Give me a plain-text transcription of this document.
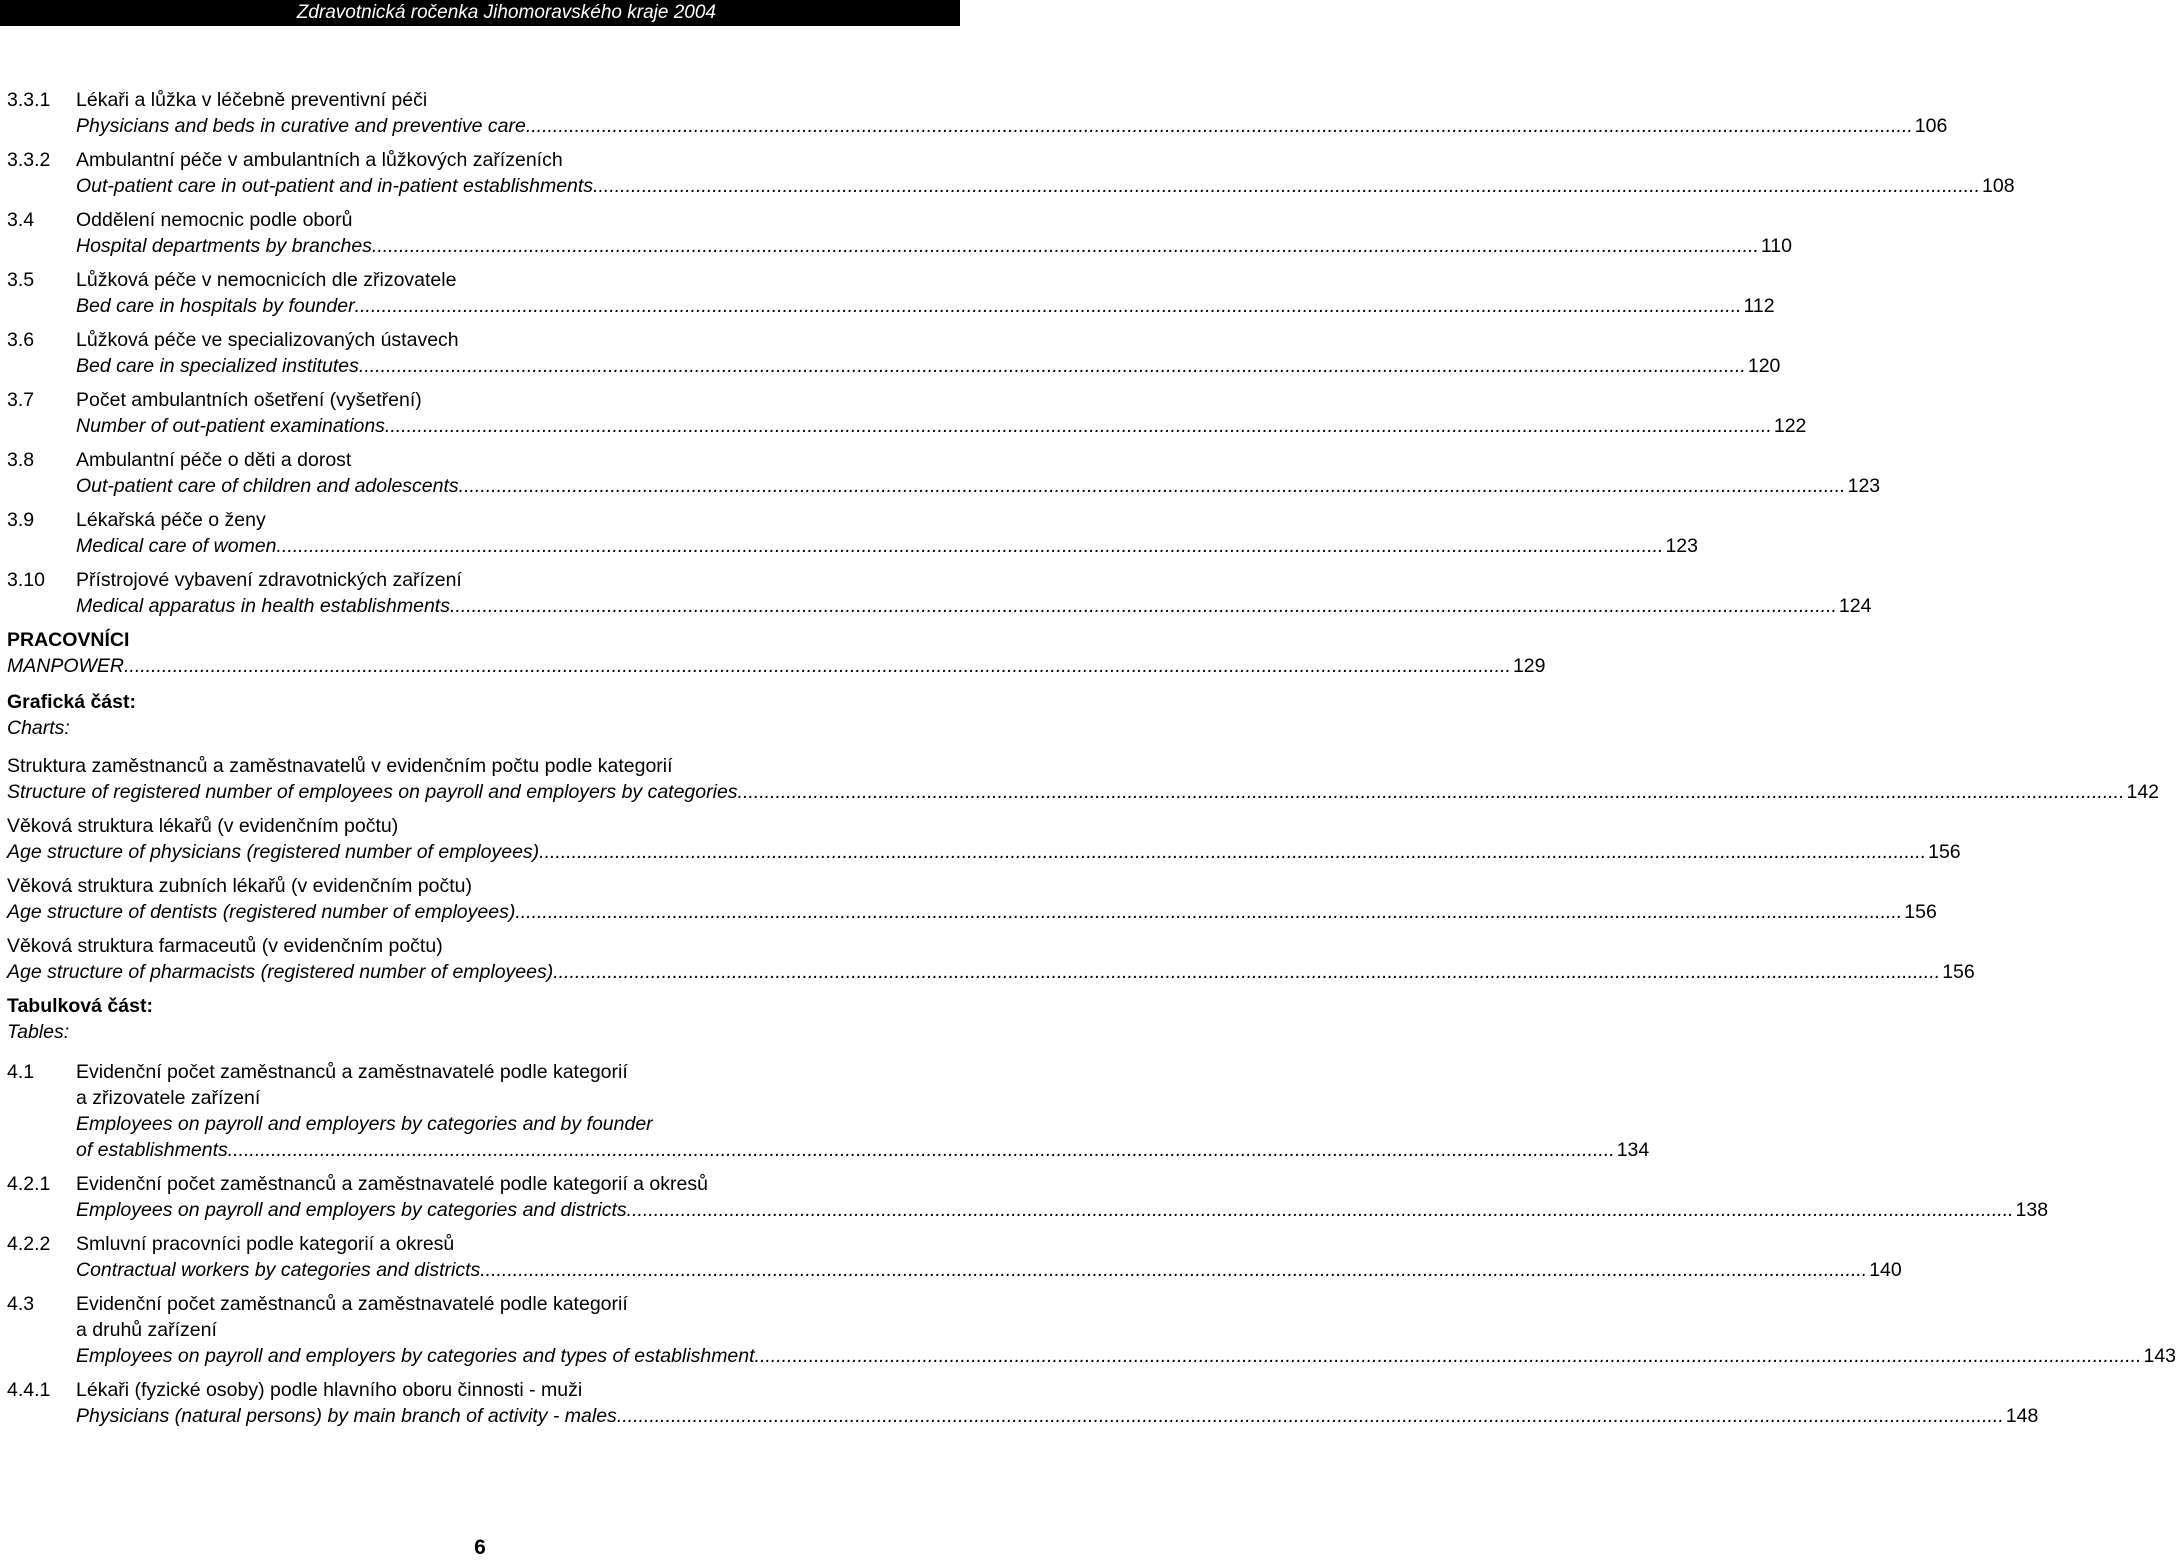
Zdravotnická ročenka Jihomoravského kraje 2004
3.3.1 Lékaři a lůžka v léčebně preventivní péči
Physicians and beds in curative and preventive care ................................................................................................................................................................................................................................................................ 106
3.3.2 Ambulantní péče v ambulantních a lůžkových zařízeních
Out-patient care in out-patient and in-patient establishments ................................................................................................................................................................................................................................................................ 108
3.4 Oddělení nemocnic podle oborů
Hospital departments by branches ................................................................................................................................................................................................................................................................ 110
3.5 Lůžková péče v nemocnicích dle zřizovatele
Bed care in hospitals by founder ................................................................................................................................................................................................................................................................ 112
3.6 Lůžková péče ve specializovaných ústavech
Bed care in specialized institutes ................................................................................................................................................................................................................................................................ 120
3.7 Počet ambulantních ošetření (vyšetření)
Number of out-patient examinations ................................................................................................................................................................................................................................................................ 122
3.8 Ambulantní péče o děti a dorost
Out-patient care of children and adolescents ................................................................................................................................................................................................................................................................ 123
3.9 Lékařská péče o ženy
Medical care of women ................................................................................................................................................................................................................................................................ 123
3.10 Přístrojové vybavení zdravotnických zařízení
Medical apparatus in health establishments ................................................................................................................................................................................................................................................................ 124
PRACOVNÍCI
MANPOWER ................................................................................................................................................................................................................................................................ 129
Grafická část:
Charts:
Struktura zaměstnanců a zaměstnavatelů v evidenčním počtu podle kategorií
Structure of registered number of employees on payroll and employers by categories ................................................................................................................................................................................................................................................................ 142
Věková struktura lékařů (v evidenčním počtu)
Age structure of physicians (registered number of employees) ................................................................................................................................................................................................................................................................ 156
Věková struktura zubních lékařů (v evidenčním počtu)
Age structure of dentists (registered number of employees) ................................................................................................................................................................................................................................................................ 156
Věková struktura farmaceutů (v evidenčním počtu)
Age structure of pharmacists (registered number of employees) ................................................................................................................................................................................................................................................................ 156
Tabulková část:
Tables:
4.1 Evidenční počet zaměstnanců a zaměstnavatelé podle kategorií
a zřizovatele zařízení
Employees on payroll and employers by categories and by founder
of establishments ................................................................................................................................................................................................................................................................ 134
4.2.1 Evidenční počet zaměstnanců a zaměstnavatelé podle kategorií a okresů
Employees on payroll and employers by categories and districts ................................................................................................................................................................................................................................................................ 138
4.2.2 Smluvní pracovníci podle kategorií a okresů
Contractual workers by categories and districts ................................................................................................................................................................................................................................................................ 140
4.3 Evidenční počet zaměstnanců a zaměstnavatelé podle kategorií
a druhů zařízení
Employees on payroll and employers by categories and types of establishment ................................................................................................................................................................................................................................................................ 143
4.4.1 Lékaři (fyzické osoby) podle hlavního oboru činnosti - muži
Physicians (natural persons) by main branch of activity - males ................................................................................................................................................................................................................................................................ 148
6
